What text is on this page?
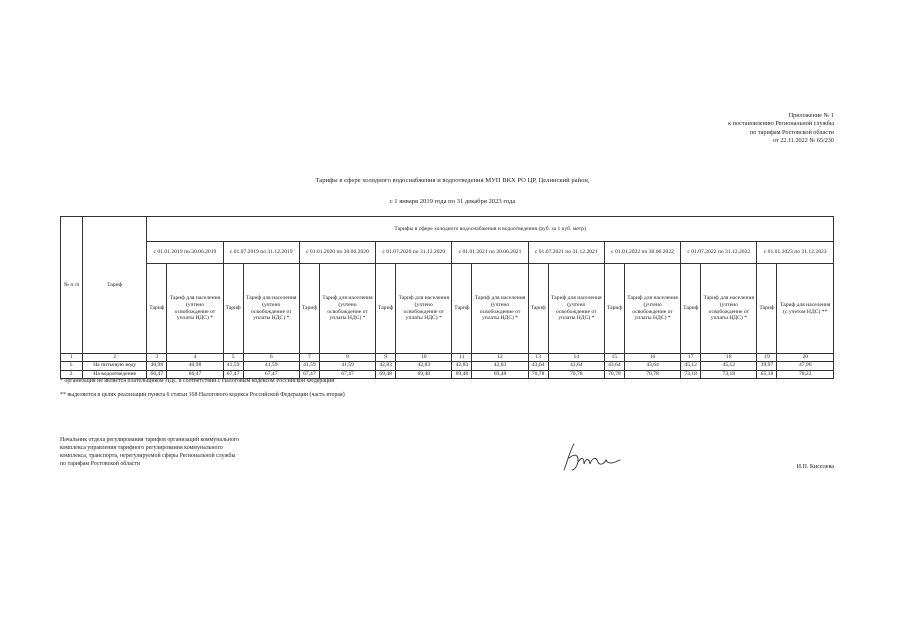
Приложение № 1
к постановлению Региональной службы
по тарифам Ростовской области
от 22.11.2022 № 65/230
Тарифы в сфере холодного водоснабжения и водоотведения МУП ВКХ РО ЦР, Целинский район,
с 1 января 2019 года по 31 декабря 2023 года
№ п./п	Тариф	Тарифы в сфере холодного водоснабжения и водоотведения (руб. за 1 куб. метр)																	
		с 01.01.2019 по 30.06.2019		с 01.07.2019 по 31.12.2019		с 01.01.2020 по 30.06.2020		с 01.07.2020 по 31.12.2020		с 01.01.2021 по 30.06.2021		с 01.07.2021 по 31.12.2021		с 01.01.2022 по 30.06.2022		с 01.07.2022 по 31.12.2022		с 01.01.2023 по 31.12.2023	
		Тариф	Тариф для населения (учтено освобождение от уплаты НДС) *	Тариф	Тариф для населения (учтено освобождение от уплаты НДС) *	Тариф	Тариф для населения (учтено освобождение от уплаты НДС) *	Тариф	Тариф для населения (учтено освобождение от уплаты НДС) *	Тариф	Тариф для населения (учтено освобождение от уплаты НДС) *	Тариф	Тариф для населения (учтено освобождение от уплаты НДС) *	Тариф	Тариф для населения (учтено освобождение от уплаты НДС) *	Тариф	Тариф для населения (учтено освобождение от уплаты НДС) *	Тариф	Тариф для населения (с учетом НДС) **
1	2	3	4	5	6	7	8	9	10	11	12	13	14	15	16	17	18	19	20
1.	На питьевую воду	40,98	40,98	41,59	41,59	41,59	41,59	42,83	42,83	42,83	42,83	43,64	43,64	43,64	43,64	45,12	45,12	39,97	47,96
2.	На водоотведение	66,47	66,47	67,47	67,47	67,47	67,47	69,48	69,48	69,48	69,48	70,78	70,78	70,78	70,78	73,18	73,18	65,18	78,22
* организация не является плательщиком НДС в соответствии с Налоговым кодексом Российской Федерации
** выделяется в целях реализации пункта 6 статьи 168 Налогового кодекса Российской Федерации (часть вторая)
Начальник отдела регулирования тарифов организаций коммунального
комплекса управления тарифного регулирования коммунального
комплекса, транспорта, нерегулируемой сферы Региональной службы
по тарифам Ростовской области	И.П. Киселева
